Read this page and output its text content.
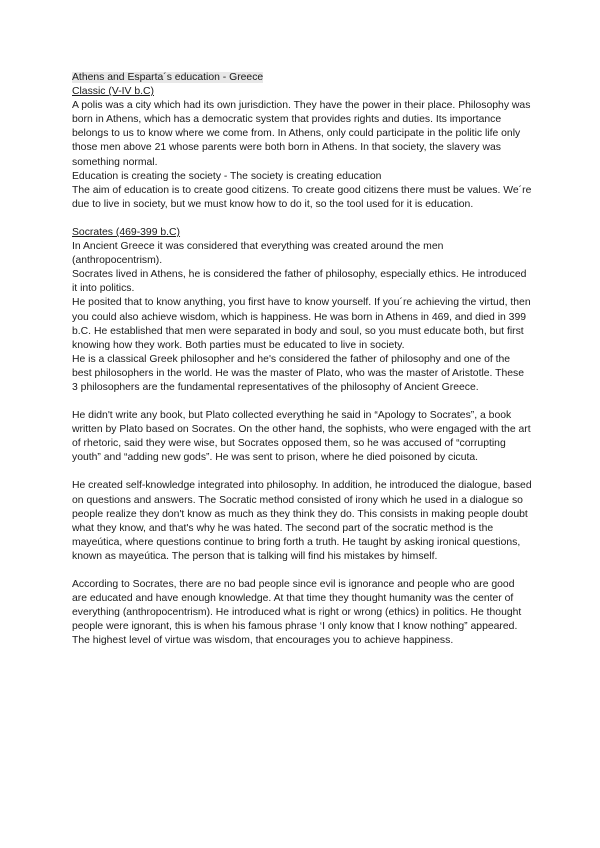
Athens and Esparta´s education - Greece

Classic (V-IV b.C)

A polis was a city which had its own jurisdiction. They have the power in their place. Philosophy was born in Athens, which has a democratic system that provides rights and duties. Its importance belongs to us to know where we come from. In Athens, only could participate in the politic life only those men above 21 whose parents were both born in Athens. In that society, the slavery was something normal.

Education is creating the society - The society is creating education

The aim of education is to create good citizens. To create good citizens there must be values. We´re due to live in society, but we must know how to do it, so the tool used for it is education.

Socrates (469-399 b.C)

In Ancient Greece it was considered that everything was created around the men (anthropocentrism).

Socrates lived in Athens, he is considered the father of philosophy, especially ethics. He introduced it into politics.

He posited that to know anything, you first have to know yourself. If you´re achieving the virtud, then you could also achieve wisdom, which is happiness. He was born in Athens in 469, and died in 399 b.C. He established that men were separated in body and soul, so you must educate both, but first knowing how they work. Both parties must be educated to live in society.

He is a classical Greek philosopher and he's considered the father of philosophy and one of the best philosophers in the world. He was the master of Plato, who was the master of Aristotle. These 3 philosophers are the fundamental representatives of the philosophy of Ancient Greece.

He didn't write any book, but Plato collected everything he said in “Apology to Socrates”, a book written by Plato based on Socrates. On the other hand, the sophists, who were engaged with the art of rhetoric, said they were wise, but Socrates opposed them, so he was accused of “corrupting youth” and “adding new gods”. He was sent to prison, where he died poisoned by cicuta.

He created self-knowledge integrated into philosophy. In addition, he introduced the dialogue, based on questions and answers. The Socratic method consisted of irony which he used in a dialogue so people realize they don't know as much as they think they do. This consists in making people doubt what they know, and that's why he was hated. The second part of the socratic method is the mayeútica, where questions continue to bring forth a truth. He taught by asking ironical questions, known as mayeútica. The person that is talking will find his mistakes by himself.

According to Socrates, there are no bad people since evil is ignorance and people who are good are educated and have enough knowledge. At that time they thought humanity was the center of everything (anthropocentrism). He introduced what is right or wrong (ethics) in politics. He thought people were ignorant, this is when his famous phrase ‘I only know that I know nothing” appeared. The highest level of virtue was wisdom, that encourages you to achieve happiness.
